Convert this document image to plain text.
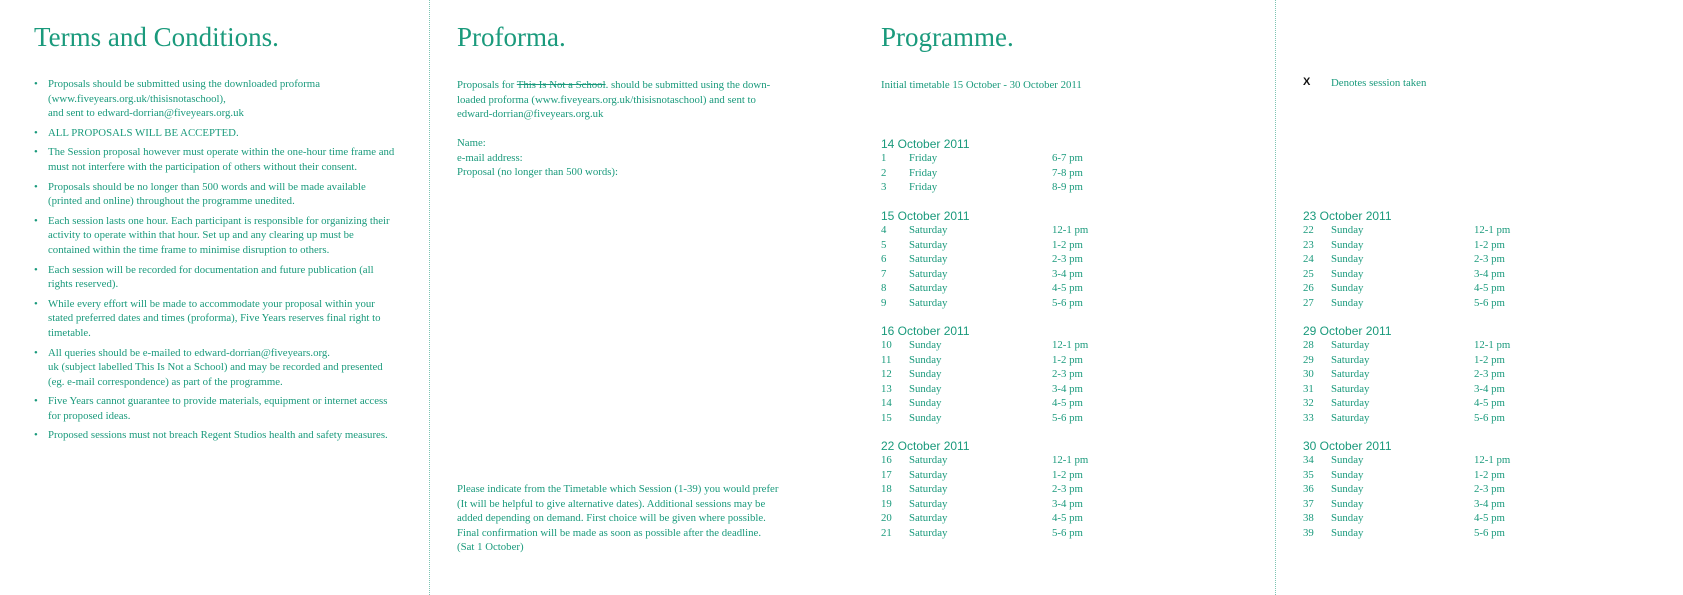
Terms and Conditions.
• Proposals should be submitted using the downloaded proforma
(www.fiveyears.org.uk/thisisnotaschool),
and sent to edward-dorrian@fiveyears.org.uk
• ALL PROPOSALS WILL BE ACCEPTED.
• The Session proposal however must operate within the one-hour time frame and must not interfere with the participation of others without their consent.
• Proposals should be no longer than 500 words and will be made available (printed and online) throughout the programme unedited.
• Each session lasts one hour. Each participant is responsible for organizing their activity to operate within that hour. Set up and any clearing up must be contained within the time frame to minimise disruption to others.
• Each session will be recorded for documentation and future publication (all rights reserved).
• While every effort will be made to accommodate your proposal within your stated preferred dates and times (proforma), Five Years reserves final right to timetable.
• All queries should be e-mailed to edward-dorrian@fiveyears.org.
uk (subject labelled This Is Not a School) and may be recorded and presented (eg. e-mail correspondence) as part of the programme.
• Five Years cannot guarantee to provide materials, equipment or internet access for proposed ideas.
• Proposed sessions must not breach Regent Studios health and safety measures.
Proforma.
Proposals for This Is Not a School. should be submitted using the down-
loaded proforma (www.fiveyears.org.uk/thisisnotaschool) and sent to
edward-dorrian@fiveyears.org.uk
Name:
e-mail address:
Proposal (no longer than 500 words):
Please indicate from the Timetable which Session (1-39) you would prefer
(It will be helpful to give alternative dates). Additional sessions may be
added depending on demand. First choice will be given where possible.
Final confirmation will be made as soon as possible after the deadline.
(Sat 1 October)
Programme.
Initial timetable 15 October - 30 October 2011
14 October 2011
1 Friday	6-7 pm
2 Friday	7-8 pm
3 Friday	8-9 pm
15 October 2011
4 Saturday	12-1 pm
5 Saturday	1-2 pm
6 Saturday	2-3 pm
7 Saturday	3-4 pm
8 Saturday	4-5 pm
9 Saturday	5-6 pm
16 October 2011
10 Sunday	12-1 pm
11 Sunday	1-2 pm
12 Sunday	2-3 pm
13 Sunday	3-4 pm
14 Sunday	4-5 pm
15 Sunday	5-6 pm
22 October 2011
16 Saturday	12-1 pm
17 Saturday	1-2 pm
18 Saturday	2-3 pm
19 Saturday	3-4 pm
20 Saturday	4-5 pm
21 Saturday	5-6 pm
X Denotes session taken
23 October 2011
22 Sunday	12-1 pm
23 Sunday	1-2 pm
24 Sunday	2-3 pm
25 Sunday	3-4 pm
26 Sunday	4-5 pm
27 Sunday	5-6 pm
29 October 2011
28 Saturday	12-1 pm
29 Saturday	1-2 pm
30 Saturday	2-3 pm
31 Saturday	3-4 pm
32 Saturday	4-5 pm
33 Saturday	5-6 pm
30 October 2011
34 Sunday	12-1 pm
35 Sunday	1-2 pm
36 Sunday	2-3 pm
37 Sunday	3-4 pm
38 Sunday	4-5 pm
39 Sunday	5-6 pm
